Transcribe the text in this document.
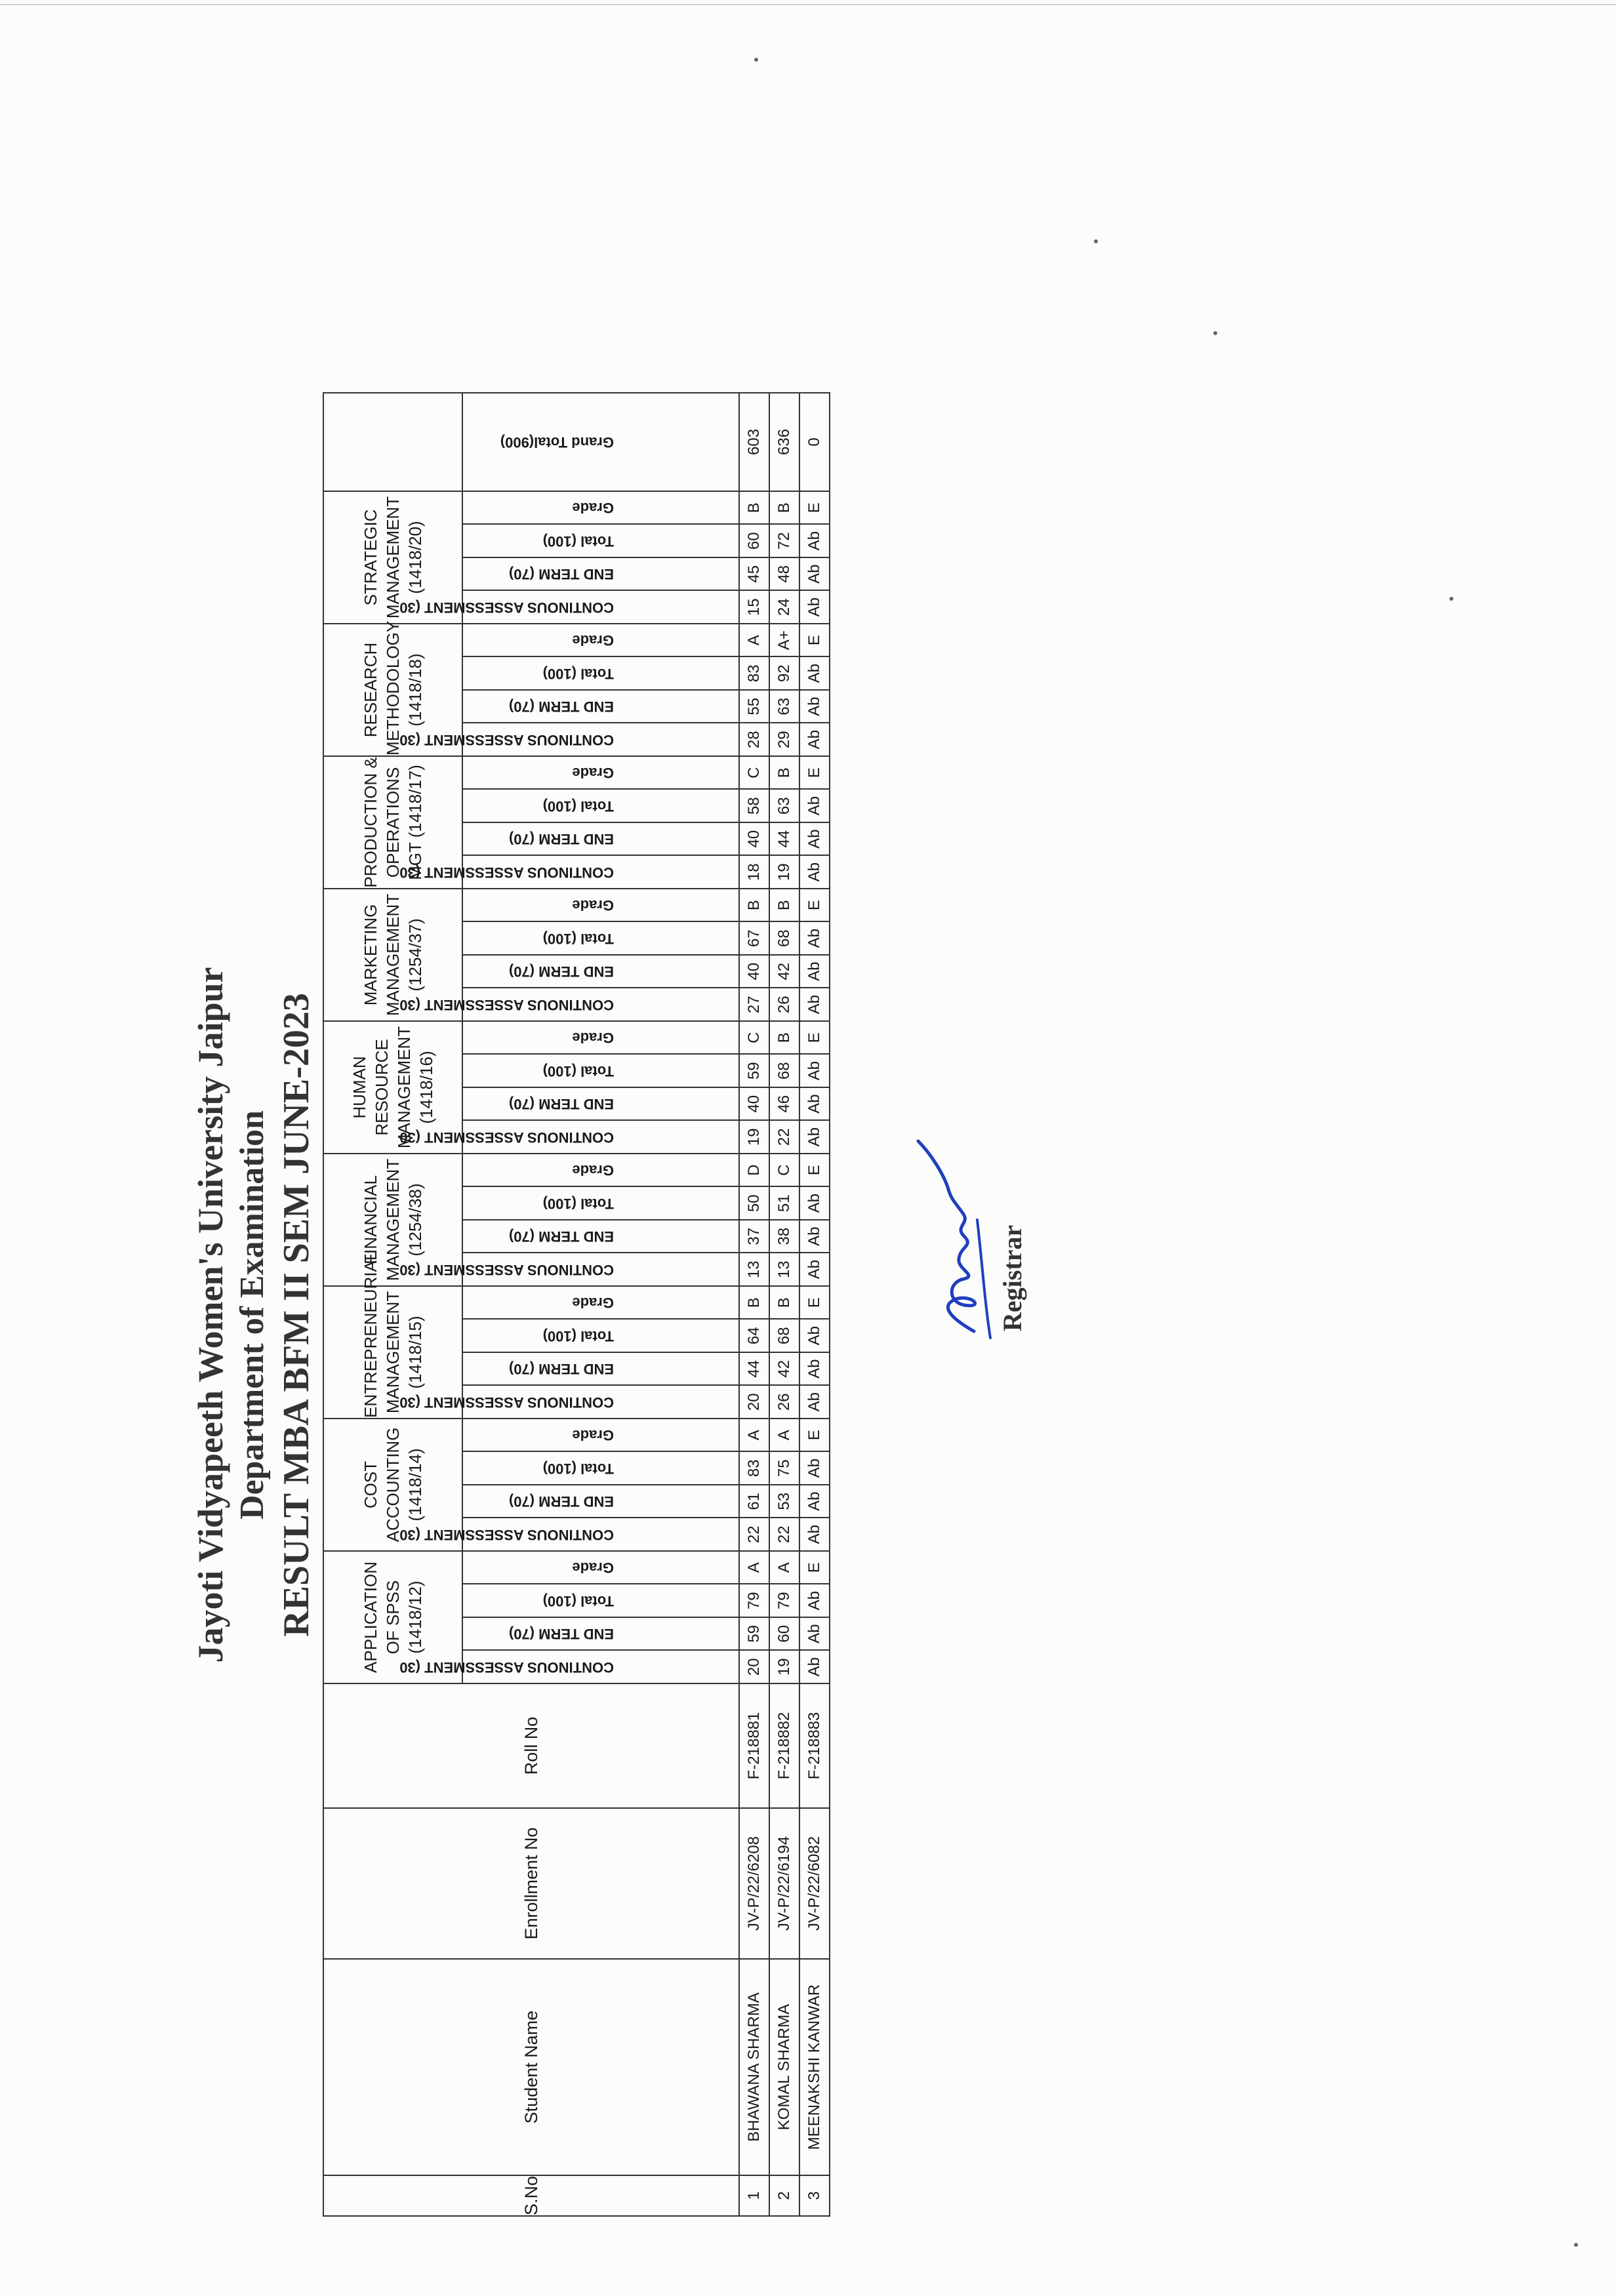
Jayoti Vidyapeeth Women's University Jaipur Department of Examination RESULT MBA BFM II SEM JUNE-2023
S.No	Student Name	Enrollment No	Roll No	APPLICATION OF SPSS (1418/12)				COST ACCOUNTING (1418/14)				ENTREPRENEURIAL MANAGEMENT (1418/15)				FINANCIAL MANAGEMENT (1254/38)				HUMAN RESOURCE MANAGEMENT (1418/16)				MARKETING MANAGEMENT (1254/37)				PRODUCTION & OPERATIONS MGT (1418/17)				RESEARCH METHODOLOGY (1418/18)				STRATEGIC MANAGEMENT (1418/20)				
				CONTINOUS ASSESSMENT (30	END TERM (70)	Total (100)	Grade	CONTINOUS ASSESSMENT (30	END TERM (70)	Total (100)	Grade	CONTINOUS ASSESSMENT (30	END TERM (70)	Total (100)	Grade	CONTINOUS ASSESSMENT (30	END TERM (70)	Total (100)	Grade	CONTINOUS ASSESSMENT (30	END TERM (70)	Total (100)	Grade	CONTINOUS ASSESSMENT (30	END TERM (70)	Total (100)	Grade	CONTINOUS ASSESSMENT (30	END TERM (70)	Total (100)	Grade	CONTINOUS ASSESSMENT (30	END TERM (70)	Total (100)	Grade	CONTINOUS ASSESSMENT (30	END TERM (70)	Total (100)	Grade	Grand Total(900)
1	BHAWANA SHARMA	JV-P/22/6208	F-218881	20	59	79	A	22	61	83	A	20	44	64	B	13	37	50	D	19	40	59	C	27	40	67	B	18	40	58	C	28	55	83	A	15	45	60	B	603
2	KOMAL SHARMA	JV-P/22/6194	F-218882	19	60	79	A	22	53	75	A	26	42	68	B	13	38	51	C	22	46	68	B	26	42	68	B	19	44	63	B	29	63	92	A+	24	48	72	B	636
3	MEENAKSHI KANWAR	JV-P/22/6082	F-218883	Ab	Ab	Ab	E	Ab	Ab	Ab	E	Ab	Ab	Ab	E	Ab	Ab	Ab	E	Ab	Ab	Ab	E	Ab	Ab	Ab	E	Ab	Ab	Ab	E	Ab	Ab	Ab	E	Ab	Ab	Ab	E	0
Registrar
